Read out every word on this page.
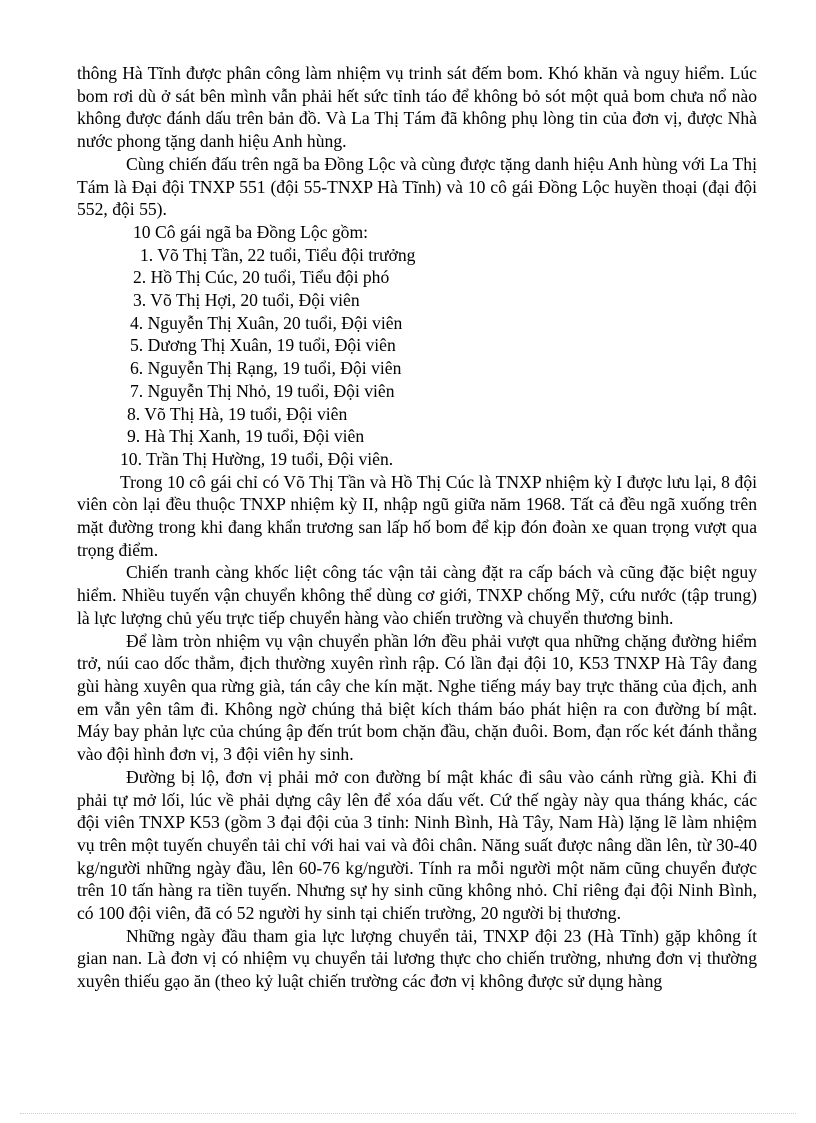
thông Hà Tĩnh được phân công làm nhiệm vụ trinh sát đếm bom. Khó khăn và nguy hiểm. Lúc bom rơi dù ở sát bên mình vẫn phải hết sức tỉnh táo để không bỏ sót một quả bom chưa nổ nào không được đánh dấu trên bản đồ. Và La Thị Tám đã không phụ lòng tin của đơn vị, được Nhà nước phong tặng danh hiệu Anh hùng.

Cùng chiến đấu trên ngã ba Đồng Lộc và cùng được tặng danh hiệu Anh hùng với La Thị Tám là Đại đội TNXP 551 (đội 55-TNXP Hà Tĩnh) và 10 cô gái Đồng Lộc huyền thoại (đại đội 552, đội 55).

10 Cô gái ngã ba Đồng Lộc gồm:

1. Võ Thị Tần, 22 tuổi, Tiểu đội trưởng
2. Hồ Thị Cúc, 20 tuổi, Tiểu đội phó
3. Võ Thị Hợi, 20 tuổi, Đội viên
4. Nguyễn Thị Xuân, 20 tuổi, Đội viên
5. Dương Thị Xuân, 19 tuổi, Đội viên
6. Nguyễn Thị Rạng, 19 tuổi, Đội viên
7. Nguyễn Thị Nhỏ, 19 tuổi, Đội viên
8. Võ Thị Hà, 19 tuổi, Đội viên
9. Hà Thị Xanh, 19 tuổi, Đội viên
10. Trần Thị Hường, 19 tuổi, Đội viên.

Trong 10 cô gái chỉ có Võ Thị Tần và Hồ Thị Cúc là TNXP nhiệm kỳ I được lưu lại, 8 đội viên còn lại đều thuộc TNXP nhiệm kỳ II, nhập ngũ giữa năm 1968. Tất cả đều ngã xuống trên mặt đường trong khi đang khẩn trương san lấp hố bom để kịp đón đoàn xe quan trọng vượt qua trọng điểm.

Chiến tranh càng khốc liệt công tác vận tải càng đặt ra cấp bách và cũng đặc biệt nguy hiểm. Nhiều tuyến vận chuyển không thể dùng cơ giới, TNXP chống Mỹ, cứu nước (tập trung) là lực lượng chủ yếu trực tiếp chuyển hàng vào chiến trường và chuyển thương binh.

Để làm tròn nhiệm vụ vận chuyển phần lớn đều phải vượt qua những chặng đường hiểm trở, núi cao dốc thẳm, địch thường xuyên rình rập. Có lần đại đội 10, K53 TNXP Hà Tây đang gùi hàng xuyên qua rừng già, tán cây che kín mặt. Nghe tiếng máy bay trực thăng của địch, anh em vẫn yên tâm đi. Không ngờ chúng thả biệt kích thám báo phát hiện ra con đường bí mật. Máy bay phản lực của chúng ập đến trút bom chặn đầu, chặn đuôi. Bom, đạn rốc két đánh thẳng vào đội hình đơn vị, 3 đội viên hy sinh.

Đường bị lộ, đơn vị phải mở con đường bí mật khác đi sâu vào cánh rừng già. Khi đi phải tự mở lối, lúc về phải dựng cây lên để xóa dấu vết. Cứ thế ngày này qua tháng khác, các đội viên TNXP K53 (gồm 3 đại đội của 3 tỉnh: Ninh Bình, Hà Tây, Nam Hà) lặng lẽ làm nhiệm vụ trên một tuyến chuyển tải chỉ với hai vai và đôi chân. Năng suất được nâng dần lên, từ 30-40 kg/người những ngày đầu, lên 60-76 kg/người. Tính ra mỗi người một năm cũng chuyển được trên 10 tấn hàng ra tiền tuyến. Nhưng sự hy sinh cũng không nhỏ. Chỉ riêng đại đội Ninh Bình, có 100 đội viên, đã có 52 người hy sinh tại chiến trường, 20 người bị thương.

Những ngày đầu tham gia lực lượng chuyển tải, TNXP đội 23 (Hà Tĩnh) gặp không ít gian nan. Là đơn vị có nhiệm vụ chuyển tải lương thực cho chiến trường, nhưng đơn vị thường xuyên thiếu gạo ăn (theo kỷ luật chiến trường các đơn vị không được sử dụng hàng
